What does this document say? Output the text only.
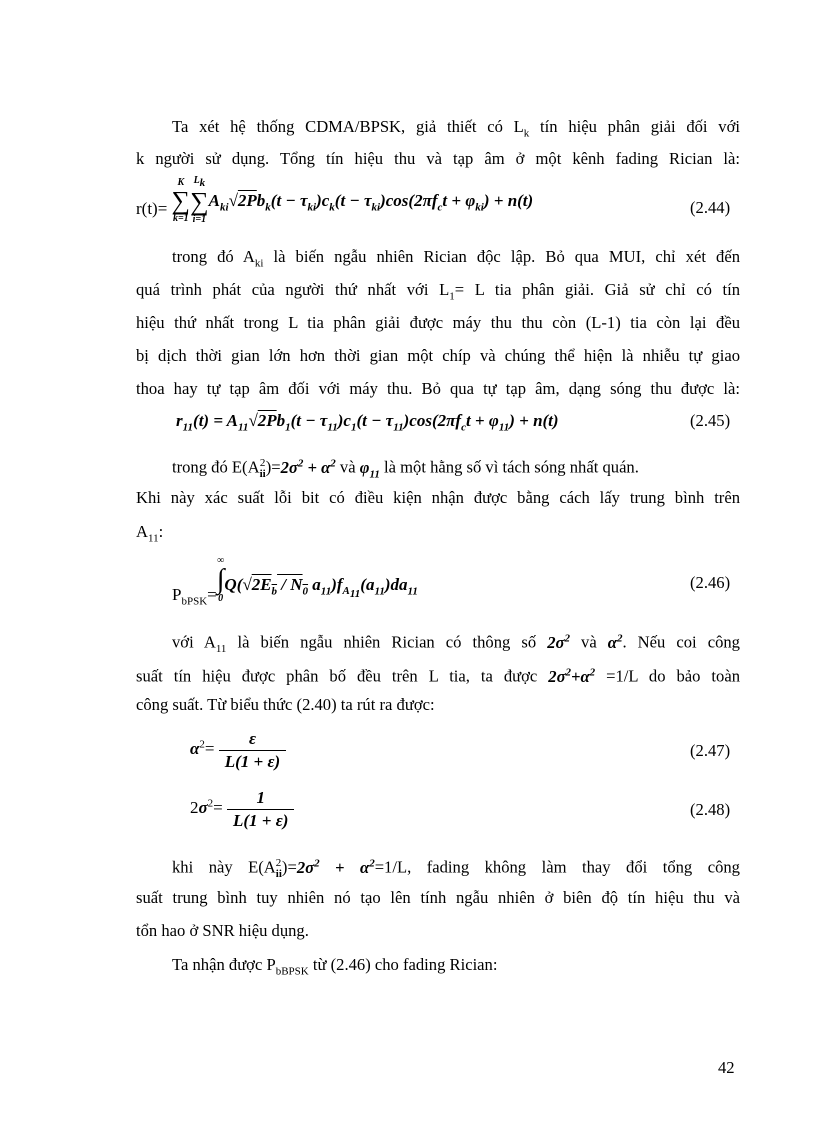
Ta xét hệ thống CDMA/BPSK, giả thiết có $L_k$ tín hiệu phân giải đối với
k người sử dụng. Tổng tín hiệu thu và tạp âm ở một kênh fading Rician là:
r(t)=
K
∑
k=1
$L_k$
∑
i=1
$A_{ki}√2Pb_k(t - \tau_{ki})c_k(t - \tau_{ki})\cos(2\pi f_ct + \varphi_{ki}) + n(t)$	(2.44)
trong đó $A_{ki}$ là biến ngẫu nhiên Rician độc lập. Bỏ qua MUI, chỉ xét đến
quá trình phát của người thứ nhất với $L_1= L$ tia phân giải. Giả sử chỉ có tín
hiệu thứ nhất trong L tia phân giải được máy thu thu còn (L-1) tia còn lại đều
bị dịch thời gian lớn hơn thời gian một chíp và chúng thể hiện là nhiễu tự giao
thoa hay tự tạp âm đối với máy thu. Bỏ qua tự tạp âm, dạng sóng thu được là:
$r_{11}(t) = A_{11}√2Pb_1(t - \tau_{11})c_1(t - \tau_{11})\cos(2\pi f_ct + \varphi_{11}) + n(t)$	(2.45)
trong đó E(A 2
ii )$=2\sigma^2 + \alpha^2$ và $\varphi_{11}$ là một hằng số vì tách sóng nhất quán.
Khi này xác suất lỗi bit có điều kiện nhận được bằng cách lấy trung bình trên
$A_{11}$:
$P_{bPSK}=$
∞
∫
0
$Q(√2E_b / N_0$ $a_{11})f_{A_{11}}(a_{11})da_{11}$	(2.46)
với $A_{11}$ là biến ngẫu nhiên Rician có thông số $2\sigma^2$ và $\alpha^2$. Nếu coi công
suất tín hiệu được phân bố đều trên L tia, ta được $2\sigma^2+\alpha^2 =1/L$ do bảo toàn
công suất. Từ biểu thức (2.40) ta rút ra được:
$\alpha^2= \frac{\varepsilon}{L(1 + \varepsilon)}$	(2.47)
$2\sigma^2= \frac{1}{L(1 + \varepsilon)}$	(2.48)
khi này E(A 2
ii )$=2\sigma^2 + \alpha^2=1/L$, fading không làm thay đổi tổng công
suất trung bình tuy nhiên nó tạo lên tính ngẫu nhiên ở biên độ tín hiệu thu và
tổn hao ở SNR hiệu dụng.
Ta nhận được $P_{bBPSK}$ từ (2.46) cho fading Rician:
42
